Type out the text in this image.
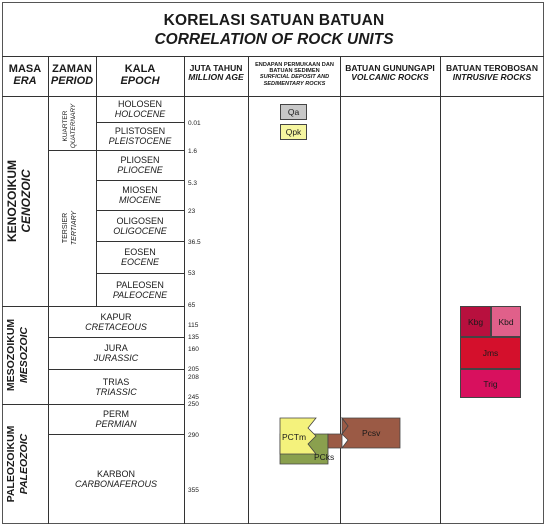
KORELASI SATUAN BATUAN
CORRELATION OF ROCK UNITS
MASA
ERA
ZAMAN
PERIOD
KALA
EPOCH
JUTA TAHUN
MILLION AGE
ENDAPAN PERMUKAAN DAN BATUAN SEDIMEN
SURFICIAL DEPOSIT AND SEDIMENTARY ROCKS
BATUAN GUNUNGAPI
VOLCANIC ROCKS
BATUAN TEROBOSAN
INTRUSIVE ROCKS
KENOZOIKUM CENOZOIC
MESOZOIKUM MESOZOIC
PALEOZOIKUM PALEOZOIC
KUARTER QUATERNARY
TERSIER TERTIARY
HOLOSEN
HOLOCENE
PLISTOSEN
PLEISTOCENE
PLIOSEN
PLIOCENE
MIOSEN
MIOCENE
OLIGOSEN
OLIGOCENE
EOSEN
EOCENE
PALEOSEN
PALEOCENE
KAPUR
CRETACEOUS
JURA
JURASSIC
TRIAS
TRIASSIC
PERM
PERMIAN
KARBON
CARBONAFEROUS
0.01
1.6
5.3
23
36.5
53
65
115
135
160
205
208
245
250
290
355
Qa
Qpk
PCTm
PCks
Pcsv
Kbg	Kbd
Jms
Trig
